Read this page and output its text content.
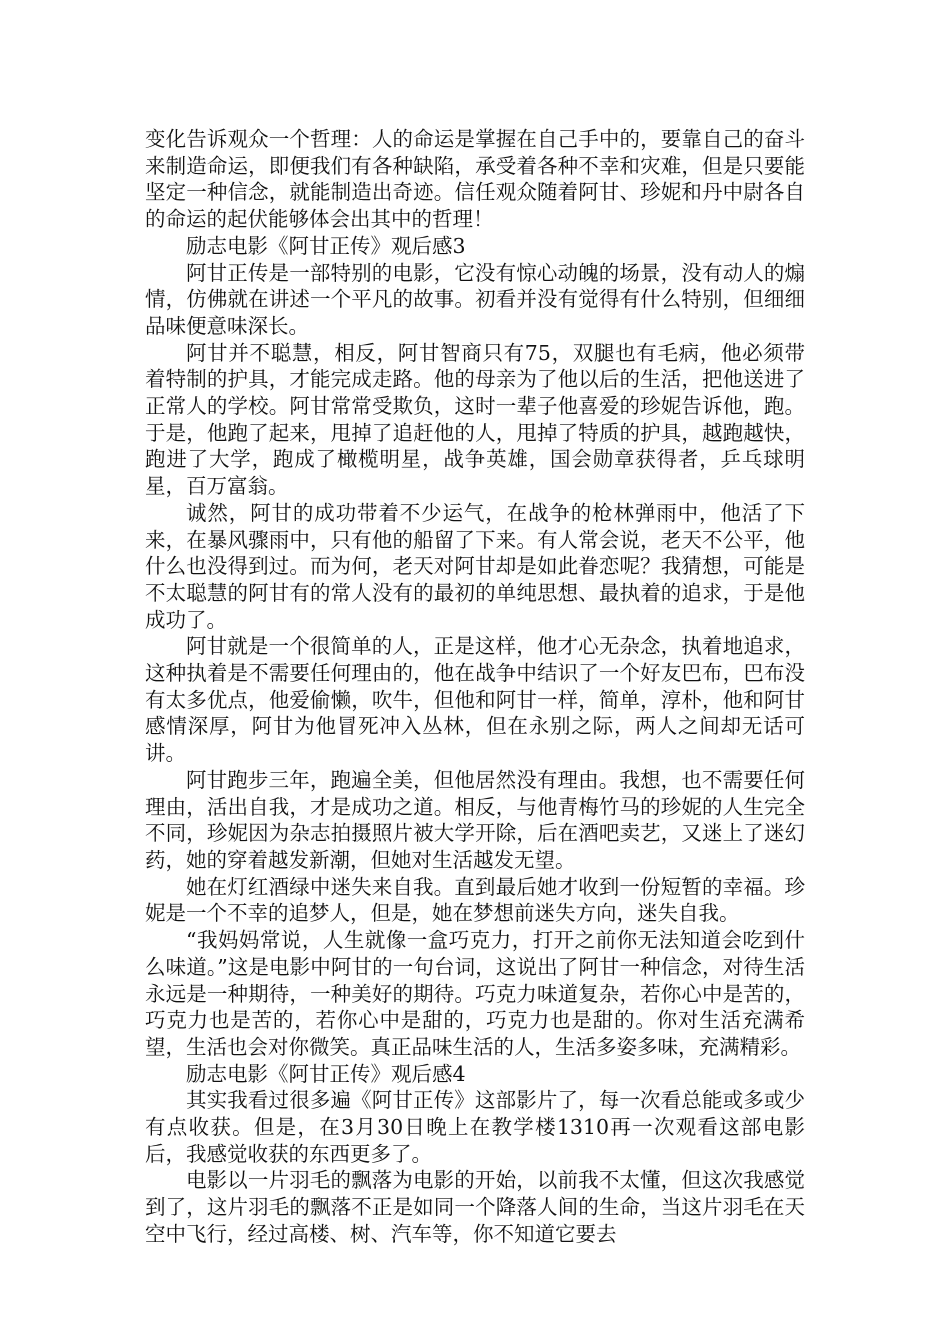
变化告诉观众一个哲理：人的命运是掌握在自己手中的，要靠自己的奋斗来制造命运，即便我们有各种缺陷，承受着各种不幸和灾难，但是只要能坚定一种信念，就能制造出奇迹。信任观众随着阿甘、珍妮和丹中尉各自的命运的起伏能够体会出其中的哲理！

励志电影《阿甘正传》观后感3

阿甘正传是一部特别的电影，它没有惊心动魄的场景，没有动人的煽情，仿佛就在讲述一个平凡的故事。初看并没有觉得有什么特别，但细细品味便意味深长。

阿甘并不聪慧，相反，阿甘智商只有75，双腿也有毛病，他必须带着特制的护具，才能完成走路。他的母亲为了他以后的生活，把他送进了正常人的学校。阿甘常常受欺负，这时一辈子他喜爱的珍妮告诉他，跑。于是，他跑了起来，甩掉了追赶他的人，甩掉了特质的护具，越跑越快，跑进了大学，跑成了橄榄明星，战争英雄，国会勋章获得者，乒乓球明星，百万富翁。

诚然，阿甘的成功带着不少运气，在战争的枪林弹雨中，他活了下来，在暴风骤雨中，只有他的船留了下来。有人常会说，老天不公平，他什么也没得到过。而为何，老天对阿甘却是如此眷恋呢？我猜想，可能是不太聪慧的阿甘有的常人没有的最初的单纯思想、最执着的追求，于是他成功了。

阿甘就是一个很简单的人，正是这样，他才心无杂念，执着地追求，这种执着是不需要任何理由的，他在战争中结识了一个好友巴布，巴布没有太多优点，他爱偷懒，吹牛，但他和阿甘一样，简单，淳朴，他和阿甘感情深厚，阿甘为他冒死冲入丛林，但在永别之际，两人之间却无话可讲。

阿甘跑步三年，跑遍全美，但他居然没有理由。我想，也不需要任何理由，活出自我，才是成功之道。相反，与他青梅竹马的珍妮的人生完全不同，珍妮因为杂志拍摄照片被大学开除，后在酒吧卖艺，又迷上了迷幻药，她的穿着越发新潮，但她对生活越发无望。

她在灯红酒绿中迷失来自我。直到最后她才收到一份短暂的幸福。珍妮是一个不幸的追梦人，但是，她在梦想前迷失方向，迷失自我。

“我妈妈常说，人生就像一盒巧克力，打开之前你无法知道会吃到什么味道。”这是电影中阿甘的一句台词，这说出了阿甘一种信念，对待生活永远是一种期待，一种美好的期待。巧克力味道复杂，若你心中是苦的，巧克力也是苦的，若你心中是甜的，巧克力也是甜的。你对生活充满希望，生活也会对你微笑。真正品味生活的人，生活多姿多味，充满精彩。

励志电影《阿甘正传》观后感4

其实我看过很多遍《阿甘正传》这部影片了，每一次看总能或多或少有点收获。但是，在3月30日晚上在教学楼1310再一次观看这部电影后，我感觉收获的东西更多了。

电影以一片羽毛的飘落为电影的开始，以前我不太懂，但这次我感觉到了，这片羽毛的飘落不正是如同一个降落人间的生命，当这片羽毛在天空中飞行，经过高楼、树、汽车等，你不知道它要去
